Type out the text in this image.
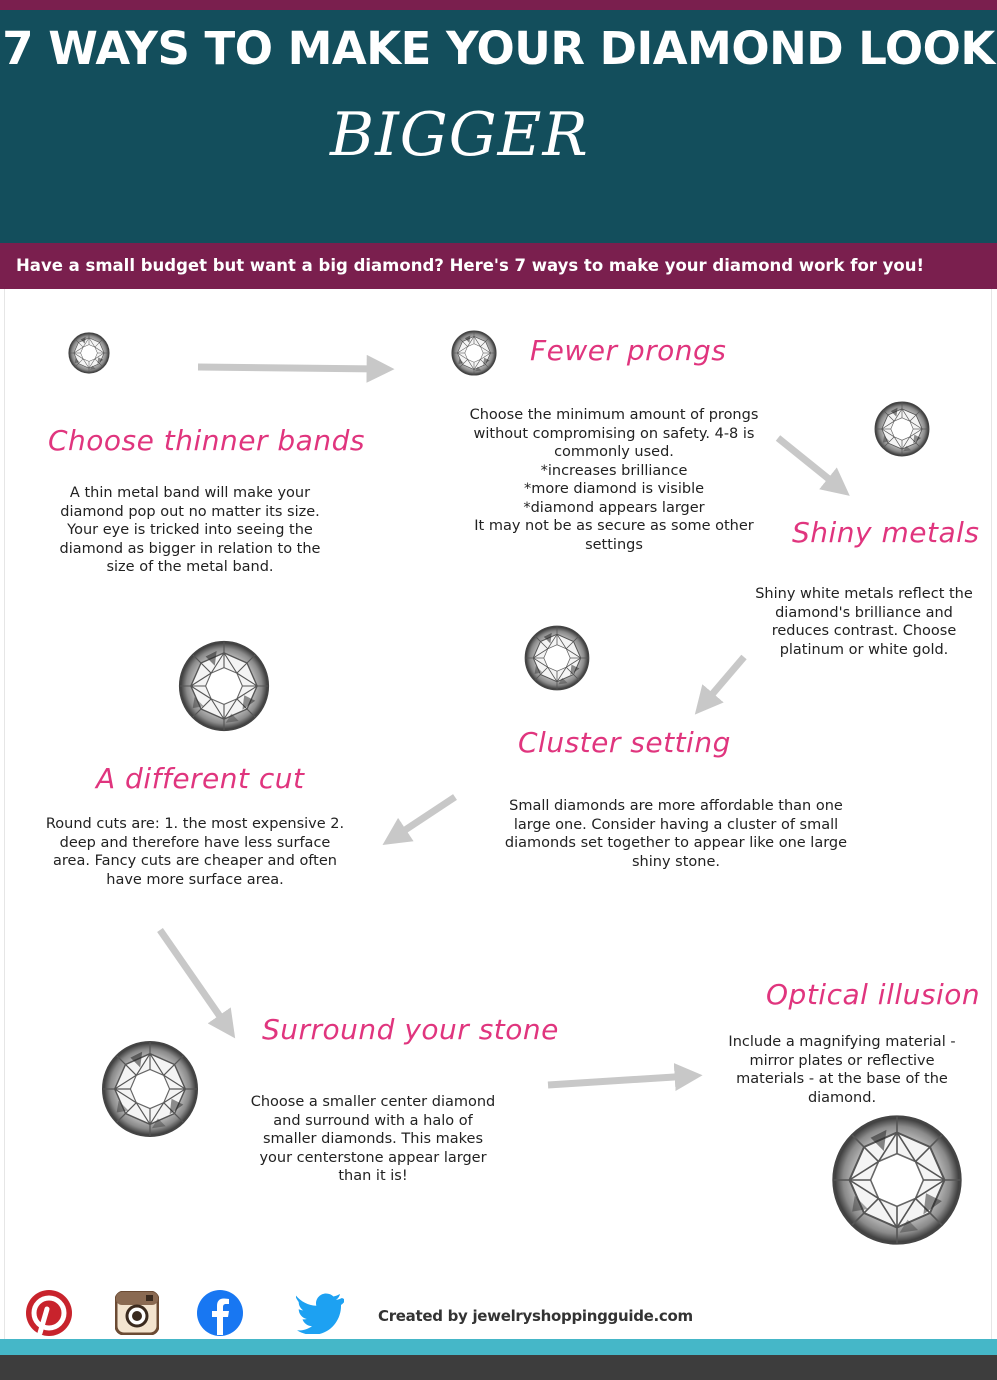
7 WAYS TO MAKE YOUR DIAMOND LOOK
BIGGER
Have a small budget but want a big diamond? Here's 7 ways to make your diamond work for you!
Choose thinner bands
A thin metal band will make your diamond pop out no matter its size. Your eye is tricked into seeing the diamond as bigger in relation to the size of the metal band.
Fewer prongs
Choose the minimum amount of prongs without compromising on safety. 4-8 is commonly used.
*increases brilliance
*more diamond is visible
*diamond appears larger
It may not be as secure as some other settings	Shiny metals
Shiny white metals reflect the diamond's brilliance and reduces contrast. Choose platinum or white gold.
Cluster setting
Small diamonds are more affordable than one large one. Consider having a cluster of small diamonds set together to appear like one large shiny stone.
A different cut
Round cuts are: 1. the most expensive 2. deep and therefore have less surface area. Fancy cuts are cheaper and often have more surface area.
Surround your stone
Choose a smaller center diamond and surround with a halo of smaller diamonds. This makes your centerstone appear larger than it is!
Optical illusion
Include a magnifying material - mirror plates or reflective materials - at the base of the diamond.
Created by jewelryshoppingguide.com
